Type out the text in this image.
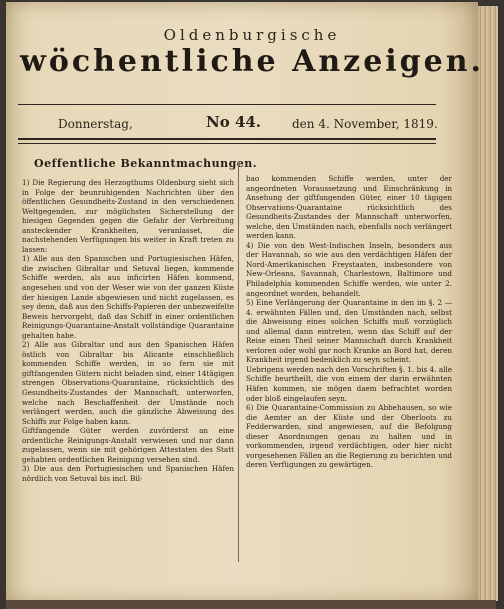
Oldenburgische
wöchentliche Anzeigen.
Donnerstag,	No 44.	den 4. November, 1819.
Oeffentliche Bekanntmachungen.

1) Die Regierung des Herzogthums Oldenburg sieht sich in Folge der beunruhigenden Nachrichten über den öffentlichen Gesundheits-Zustand in den verschiedenen Weltgegenden, zur möglichsten Sicherstellung der hiesigen Gegenden gegen die Gefahr der Verbreitung ansteckender Krankheiten, veranlasset, die nachstehenden Verfügungen bis weiter in Kraft treten zu lassen:

1) Alle aus den Spanischen und Portugiesischen Häfen, die zwischen Gibraltar und Setuval liegen, kommende Schiffe werden, als aus inficirten Häfen kommend, angesehen und von der Weser wie von der ganzen Küste der hiesigen Lande abgewiesen und nicht zugelassen, es sey denn, daß aus den Schiffs-Papieren der unbezweifelte Beweis hervorgeht, daß das Schiff in einer ordentlichen Reinigungs-Quarantaine-Anstalt vollständige Quarantaine gehalten habe.

2) Alle aus Gibraltar und aus den Spanischen Häfen östlich von Gibraltar bis Alicante einschließlich kommenden Schiffe werden, in so fern sie mit giftfangenden Gütern nicht beladen sind, einer 14tägigen strengen Observations-Quarantaine, rücksichtlich des Gesundheits-Zustandes der Mannschaft, unterworfen, welche nach Beschaffenheit der Umstände noch verlängert werden, auch die gänzliche Abweisung des Schiffs zur Folge haben kann.

Giftfangende Güter werden zuvörderst an eine ordentliche Reinigungs-Anstalt verwiesen und nur dann zugelassen, wenn sie mit gehörigen Attestaten des Statt gehabten ordentlichen Reinigung versehen sind.

3) Die aus den Portugiesischen und Spanischen Häfen nördlich von Setuval bis incl. Bil-

bao kommenden Schiffe werden, unter der angeordneten Voraussetzung und Einschränkung in Ansehung der giftfangenden Güter, einer 10 tägigen Observations-Quarantaine rücksichtlich des Gesundheits-Zustandes der Mannschaft unterworfen, welche, den Umständen nach, ebenfalls noch verlängert werden kann.

4) Die von den West-Indischen Inseln, besonders aus der Havannah, so wie aus den verdächtigen Häfen der Nord-Amerikanischen Freystaaten, insbesondere von New-Orleans, Savannah, Charlestown, Baltimore und Philadelphia kommenden Schiffe werden, wie unter 2. angeordnet worden, behandelt.

5) Eine Verlängerung der Quarantaine in den im §. 2 — 4. erwähnten Fällen und, den Umständen nach, selbst die Abweisung eines solchen Schiffs muß vorzüglich und allemal dann eintreten, wenn das Schiff auf der Reise einen Theil seiner Mannschaft durch Krankheit verloren oder wohl gar noch Kranke an Bord hat, deren Krankheit irgend bedenklich zu seyn scheint.

Uebrigens werden nach den Vorschriften §. 1. bis 4. alle Schiffe beurtheilt, die von einem der darin erwähnten Häfen kommen, sie mögen daem befrachtet worden oder bloß eingelaufen seyn.

6) Die Quarantaine-Commission zu Abbehausen, so wie die Aemter an der Küste und der Oberloots zu Fedderwarden, sind angewiesen, auf die Befolgung dieser Anordnungen genau zu halten und in vorkommenden, irgend verdächtigen, oder hier nicht vorgesehenen Fällen an die Regierung zu berichten und deren Verfügungen zu gewärtigen.
